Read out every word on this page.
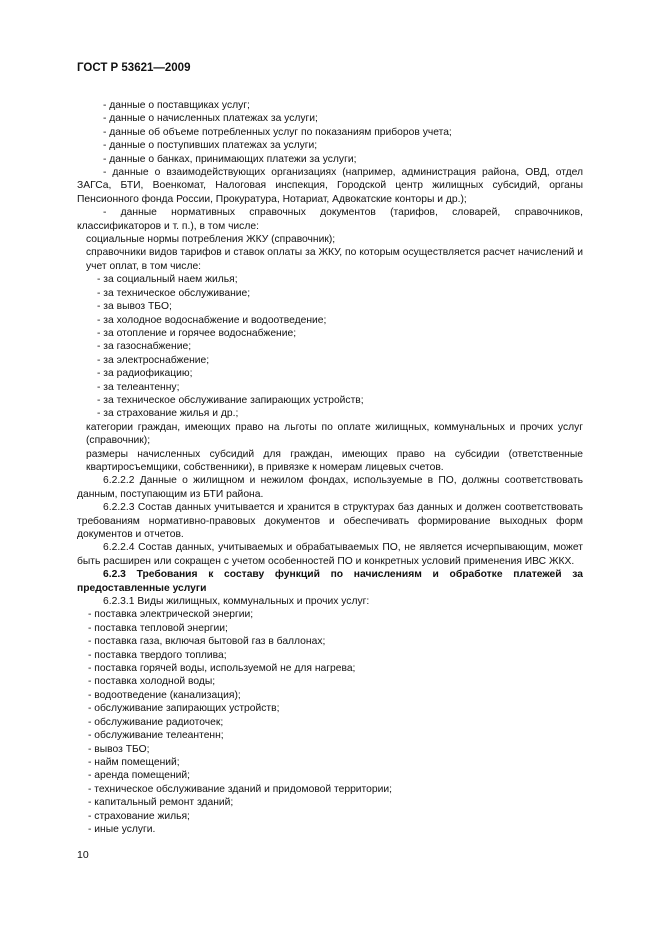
ГОСТ Р 53621—2009

- данные о поставщиках услуг;

- данные о начисленных платежах за услуги;

- данные об объеме потребленных услуг по показаниям приборов учета;

- данные о поступивших платежах за услуги;

- данные о банках, принимающих платежи за услуги;

- данные о взаимодействующих организациях (например, администрация района, ОВД, отдел ЗАГСа, БТИ, Военкомат, Налоговая инспекция, Городской центр жилищных субсидий, органы Пенсионного фонда России, Прокуратура, Нотариат, Адвокатские конторы и др.);

- данные нормативных справочных документов (тарифов, словарей, справочников, классификаторов и т. п.), в том числе:

социальные нормы потребления ЖКУ (справочник);

справочники видов тарифов и ставок оплаты за ЖКУ, по которым осуществляется расчет начислений и учет оплат, в том числе:

- за социальный наем жилья;

- за техническое обслуживание;

- за вывоз ТБО;

- за холодное водоснабжение и водоотведение;

- за отопление и горячее водоснабжение;

- за газоснабжение;

- за электроснабжение;

- за радиофикацию;

- за телеантенну;

- за техническое обслуживание запирающих устройств;

- за страхование жилья и др.;

категории граждан, имеющих право на льготы по оплате жилищных, коммунальных и прочих услуг (справочник);

размеры начисленных субсидий для граждан, имеющих право на субсидии (ответственные квартиросъемщики, собственники), в привязке к номерам лицевых счетов.

6.2.2.2 Данные о жилищном и нежилом фондах, используемые в ПО, должны соответствовать данным, поступающим из БТИ района.

6.2.2.3 Состав данных учитывается и хранится в структурах баз данных и должен соответствовать требованиям нормативно-правовых документов и обеспечивать формирование выходных форм документов и отчетов.

6.2.2.4 Состав данных, учитываемых и обрабатываемых ПО, не является исчерпывающим, может быть расширен или сокращен с учетом особенностей ПО и конкретных условий применения ИВС ЖКХ.

6.2.3 Требования к составу функций по начислениям и обработке платежей за предоставленные услуги

6.2.3.1 Виды жилищных, коммунальных и прочих услуг:

- поставка электрической энергии;

- поставка тепловой энергии;

- поставка газа, включая бытовой газ в баллонах;

- поставка твердого топлива;

- поставка горячей воды, используемой не для нагрева;

- поставка холодной воды;

- водоотведение (канализация);

- обслуживание запирающих устройств;

- обслуживание радиоточек;

- обслуживание телеантенн;

- вывоз ТБО;

- найм помещений;

- аренда помещений;

- техническое обслуживание зданий и придомовой территории;

- капитальный ремонт зданий;

- страхование жилья;

- иные услуги.

10
